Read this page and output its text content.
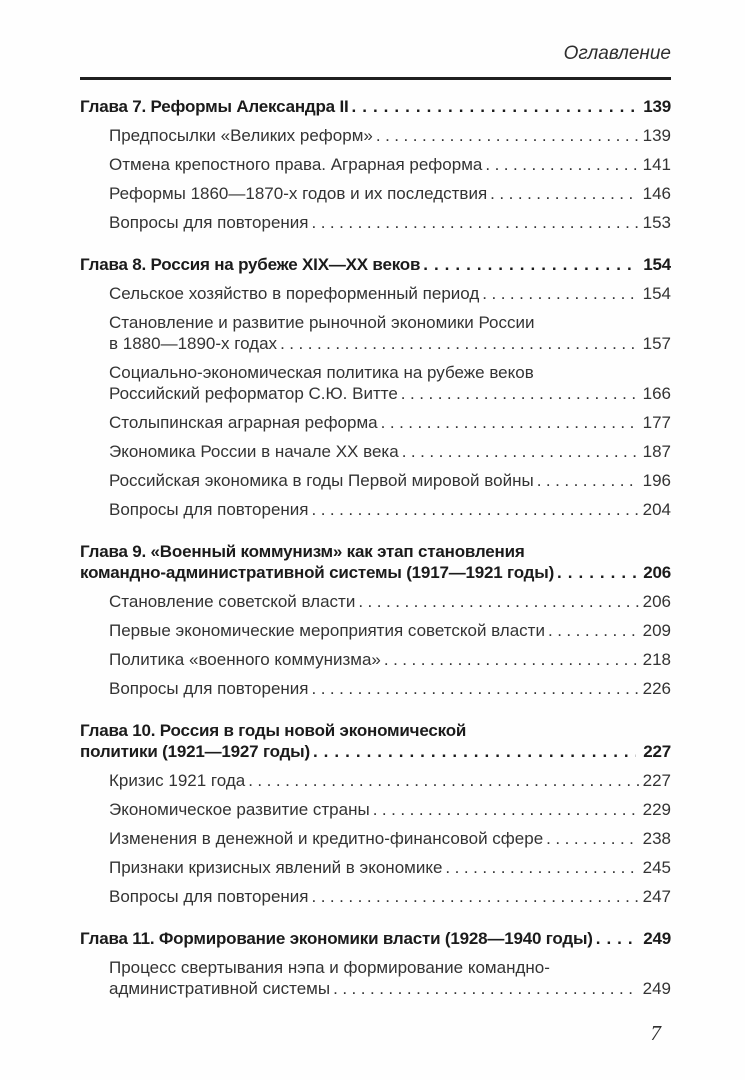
Оглавление
Глава 7. Реформы Александра II .....	139
Предпосылки «Великих реформ» .....	139
Отмена крепостного права. Аграрная реформа .....	141
Реформы 1860—1870-х годов и их последствия .....	146
Вопросы для повторения .....	153
Глава 8. Россия на рубеже XIX—XX веков .....	154
Сельское хозяйство в пореформенный период .....	154
Становление и развитие рыночной экономики России
в 1880—1890-х годах .....	157
Социально-экономическая политика на рубеже веков
Российский реформатор С.Ю. Витте .....	166
Столыпинская аграрная реформа .....	177
Экономика России в начале XX века .....	187
Российская экономика в годы Первой мировой войны .....	196
Вопросы для повторения .....	204
Глава 9. «Военный коммунизм» как этап становления
командно-административной системы (1917—1921 годы) .....	206
Становление советской власти .....	206
Первые экономические мероприятия советской власти .....	209
Политика «военного коммунизма» .....	218
Вопросы для повторения .....	226
Глава 10. Россия в годы новой экономической
политики (1921—1927 годы) .....	227
Кризис 1921 года .....	227
Экономическое развитие страны .....	229
Изменения в денежной и кредитно-финансовой сфере .....	238
Признаки кризисных явлений в экономике .....	245
Вопросы для повторения .....	247
Глава 11. Формирование экономики власти (1928—1940 годы) .....	249
Процесс свертывания нэпа и формирование командно-
административной системы .....	249
7
